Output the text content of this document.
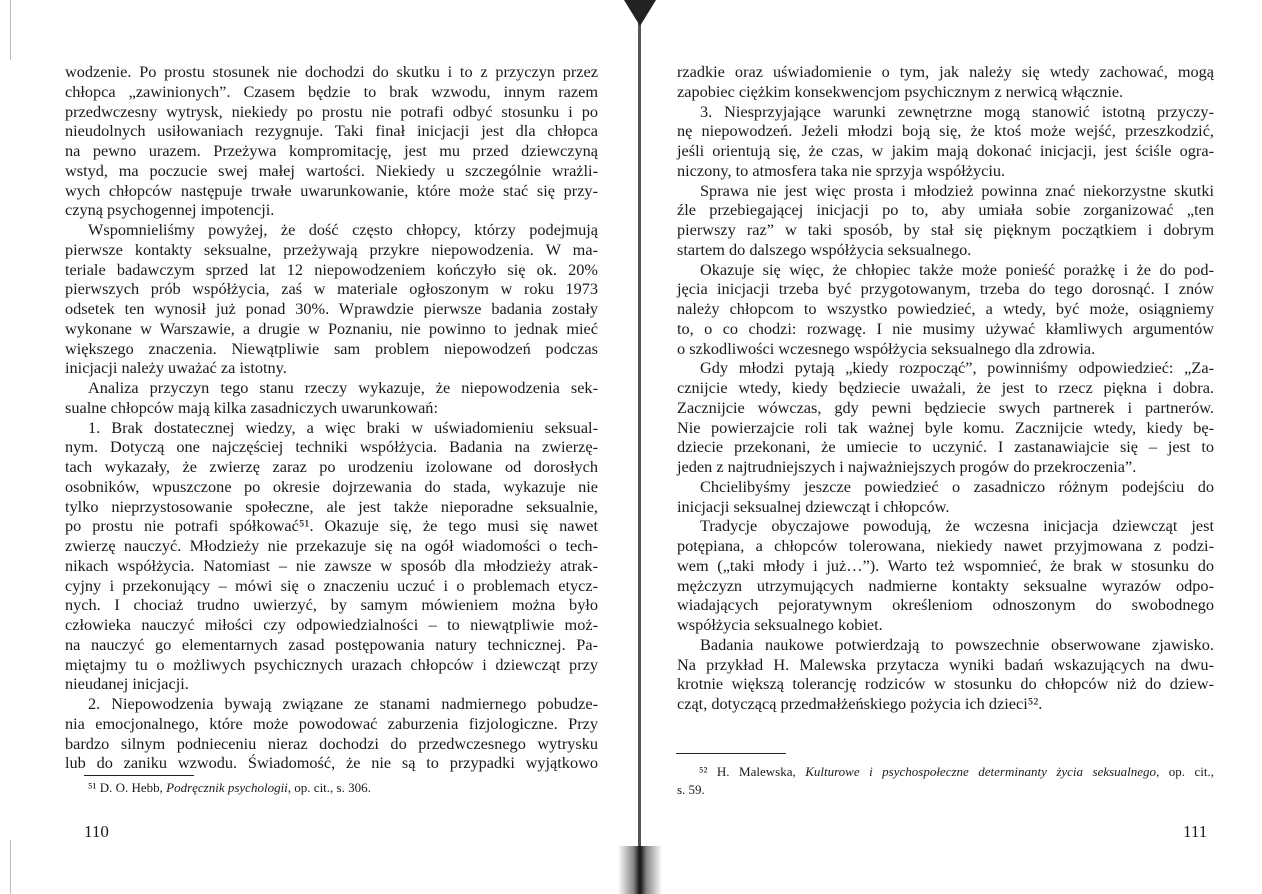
wodzenie. Po prostu stosunek nie dochodzi do skutku i to z przyczyn przez
chłopca „zawinionych”. Czasem będzie to brak wzwodu, innym razem
przedwczesny wytrysk, niekiedy po prostu nie potrafi odbyć stosunku i po
nieudolnych usiłowaniach rezygnuje. Taki finał inicjacji jest dla chłopca
na pewno urazem. Przeżywa kompromitację, jest mu przed dziewczyną
wstyd, ma poczucie swej małej wartości. Niekiedy u szczególnie wrażli-
wych chłopców następuje trwałe uwarunkowanie, które może stać się przy-
czyną psychogennej impotencji.
Wspomnieliśmy powyżej, że dość często chłopcy, którzy podejmują
pierwsze kontakty seksualne, przeżywają przykre niepowodzenia. W ma-
teriale badawczym sprzed lat 12 niepowodzeniem kończyło się ok. 20%
pierwszych prób współżycia, zaś w materiale ogłoszonym w roku 1973
odsetek ten wynosił już ponad 30%. Wprawdzie pierwsze badania zostały
wykonane w Warszawie, a drugie w Poznaniu, nie powinno to jednak mieć
większego znaczenia. Niewątpliwie sam problem niepowodzeń podczas
inicjacji należy uważać za istotny.
Analiza przyczyn tego stanu rzeczy wykazuje, że niepowodzenia sek-
sualne chłopców mają kilka zasadniczych uwarunkowań:
1. Brak dostatecznej wiedzy, a więc braki w uświadomieniu seksual-
nym. Dotyczą one najczęściej techniki współżycia. Badania na zwierzę-
tach wykazały, że zwierzę zaraz po urodzeniu izolowane od dorosłych
osobników, wpuszczone po okresie dojrzewania do stada, wykazuje nie
tylko nieprzystosowanie społeczne, ale jest także nieporadne seksualnie,
po prostu nie potrafi spółkować⁵¹. Okazuje się, że tego musi się nawet
zwierzę nauczyć. Młodzieży nie przekazuje się na ogół wiadomości o tech-
nikach współżycia. Natomiast – nie zawsze w sposób dla młodzieży atrak-
cyjny i przekonujący – mówi się o znaczeniu uczuć i o problemach etycz-
nych. I chociaż trudno uwierzyć, by samym mówieniem można było
człowieka nauczyć miłości czy odpowiedzialności – to niewątpliwie moż-
na nauczyć go elementarnych zasad postępowania natury technicznej. Pa-
miętajmy tu o możliwych psychicznych urazach chłopców i dziewcząt przy
nieudanej inicjacji.
2. Niepowodzenia bywają związane ze stanami nadmiernego pobudze-
nia emocjonalnego, które może powodować zaburzenia fizjologiczne. Przy
bardzo silnym podnieceniu nieraz dochodzi do przedwczesnego wytrysku
lub do zaniku wzwodu. Świadomość, że nie są to przypadki wyjątkowo
rzadkie oraz uświadomienie o tym, jak należy się wtedy zachować, mogą
zapobiec ciężkim konsekwencjom psychicznym z nerwicą włącznie.
3. Niesprzyjające warunki zewnętrzne mogą stanowić istotną przyczy-
nę niepowodzeń. Jeżeli młodzi boją się, że ktoś może wejść, przeszkodzić,
jeśli orientują się, że czas, w jakim mają dokonać inicjacji, jest ściśle ogra-
niczony, to atmosfera taka nie sprzyja współżyciu.
Sprawa nie jest więc prosta i młodzież powinna znać niekorzystne skutki
źle przebiegającej inicjacji po to, aby umiała sobie zorganizować „ten
pierwszy raz” w taki sposób, by stał się pięknym początkiem i dobrym
startem do dalszego współżycia seksualnego.
Okazuje się więc, że chłopiec także może ponieść porażkę i że do pod-
jęcia inicjacji trzeba być przygotowanym, trzeba do tego dorosnąć. I znów
należy chłopcom to wszystko powiedzieć, a wtedy, być może, osiągniemy
to, o co chodzi: rozwagę. I nie musimy używać kłamliwych argumentów
o szkodliwości wczesnego współżycia seksualnego dla zdrowia.
Gdy młodzi pytają „kiedy rozpocząć”, powinniśmy odpowiedzieć: „Za-
cznijcie wtedy, kiedy będziecie uważali, że jest to rzecz piękna i dobra.
Zacznijcie wówczas, gdy pewni będziecie swych partnerek i partnerów.
Nie powierzajcie roli tak ważnej byle komu. Zacznijcie wtedy, kiedy bę-
dziecie przekonani, że umiecie to uczynić. I zastanawiajcie się – jest to
jeden z najtrudniejszych i najważniejszych progów do przekroczenia”.
Chcielibyśmy jeszcze powiedzieć o zasadniczo różnym podejściu do
inicjacji seksualnej dziewcząt i chłopców.
Tradycje obyczajowe powodują, że wczesna inicjacja dziewcząt jest
potępiana, a chłopców tolerowana, niekiedy nawet przyjmowana z podzi-
wem („taki młody i już…”). Warto też wspomnieć, że brak w stosunku do
mężczyzn utrzymujących nadmierne kontakty seksualne wyrazów odpo-
wiadających pejoratywnym określeniom odnoszonym do swobodnego
współżycia seksualnego kobiet.
Badania naukowe potwierdzają to powszechnie obserwowane zjawisko.
Na przykład H. Malewska przytacza wyniki badań wskazujących na dwu-
krotnie większą tolerancję rodziców w stosunku do chłopców niż do dziew-
cząt, dotyczącą przedmałżeńskiego pożycia ich dzieci⁵².
⁵¹ D. O. Hebb, Podręcznik psychologii, op. cit., s. 306.
110
⁵² H. Malewska, Kulturowe i psychospołeczne determinanty życia seksualnego, op. cit.,
s. 59.
111
